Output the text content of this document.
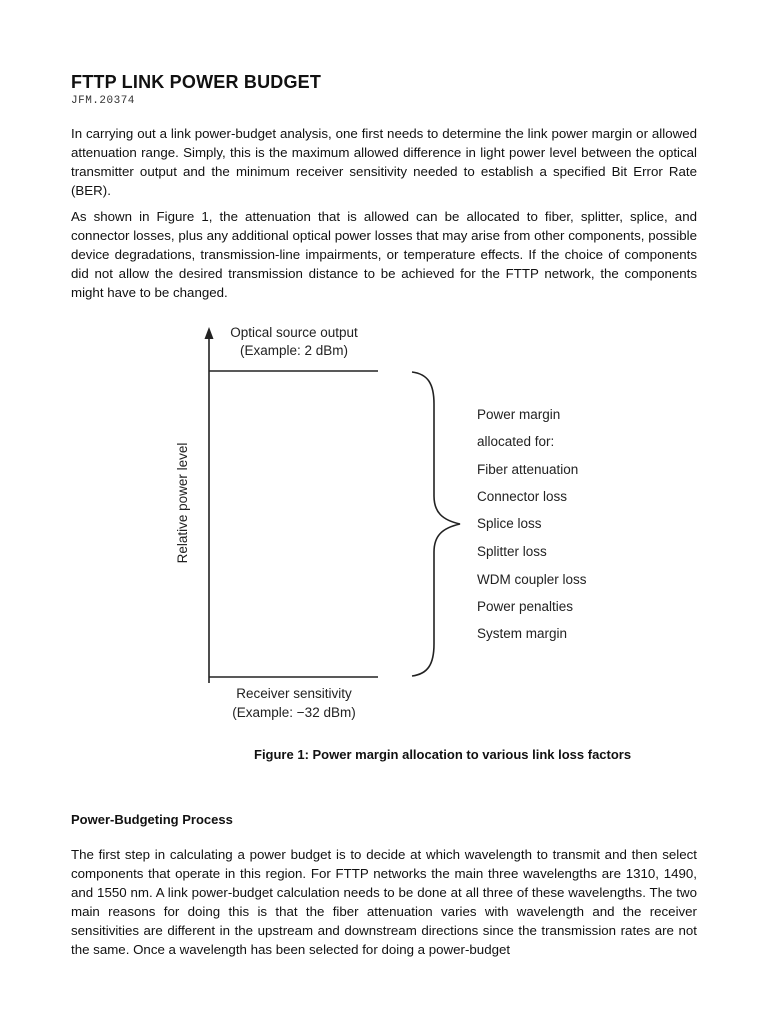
FTTP LINK POWER BUDGET
JFM.20374

In carrying out a link power-budget analysis, one first needs to determine the link power margin or allowed attenuation range. Simply, this is the maximum allowed difference in light power level between the optical transmitter output and the minimum receiver sensitivity needed to establish a specified Bit Error Rate (BER).

As shown in Figure 1, the attenuation that is allowed can be allocated to fiber, splitter, splice, and connector losses, plus any additional optical power losses that may arise from other components, possible device degradations, transmission-line impairments, or temperature effects. If the choice of components did not allow the desired transmission distance to be achieved for the FTTP network, the components might have to be changed.

Figure 1: Power margin allocation to various link loss factors

Power-Budgeting Process

The first step in calculating a power budget is to decide at which wavelength to transmit and then select components that operate in this region. For FTTP networks the main three wavelengths are 1310, 1490, and 1550 nm. A link power-budget calculation needs to be done at all three of these wavelengths. The two main reasons for doing this is that the fiber attenuation varies with wavelength and the receiver sensitivities are different in the upstream and downstream directions since the transmission rates are not the same. Once a wavelength has been selected for doing a power-budget

Relative power level
Optical source output
(Example: 2 dBm)
Receiver sensitivity
(Example: −32 dBm)
Power margin
allocated for:
Fiber attenuation
Connector loss
Splice loss
Splitter loss
WDM coupler loss
Power penalties
System margin
